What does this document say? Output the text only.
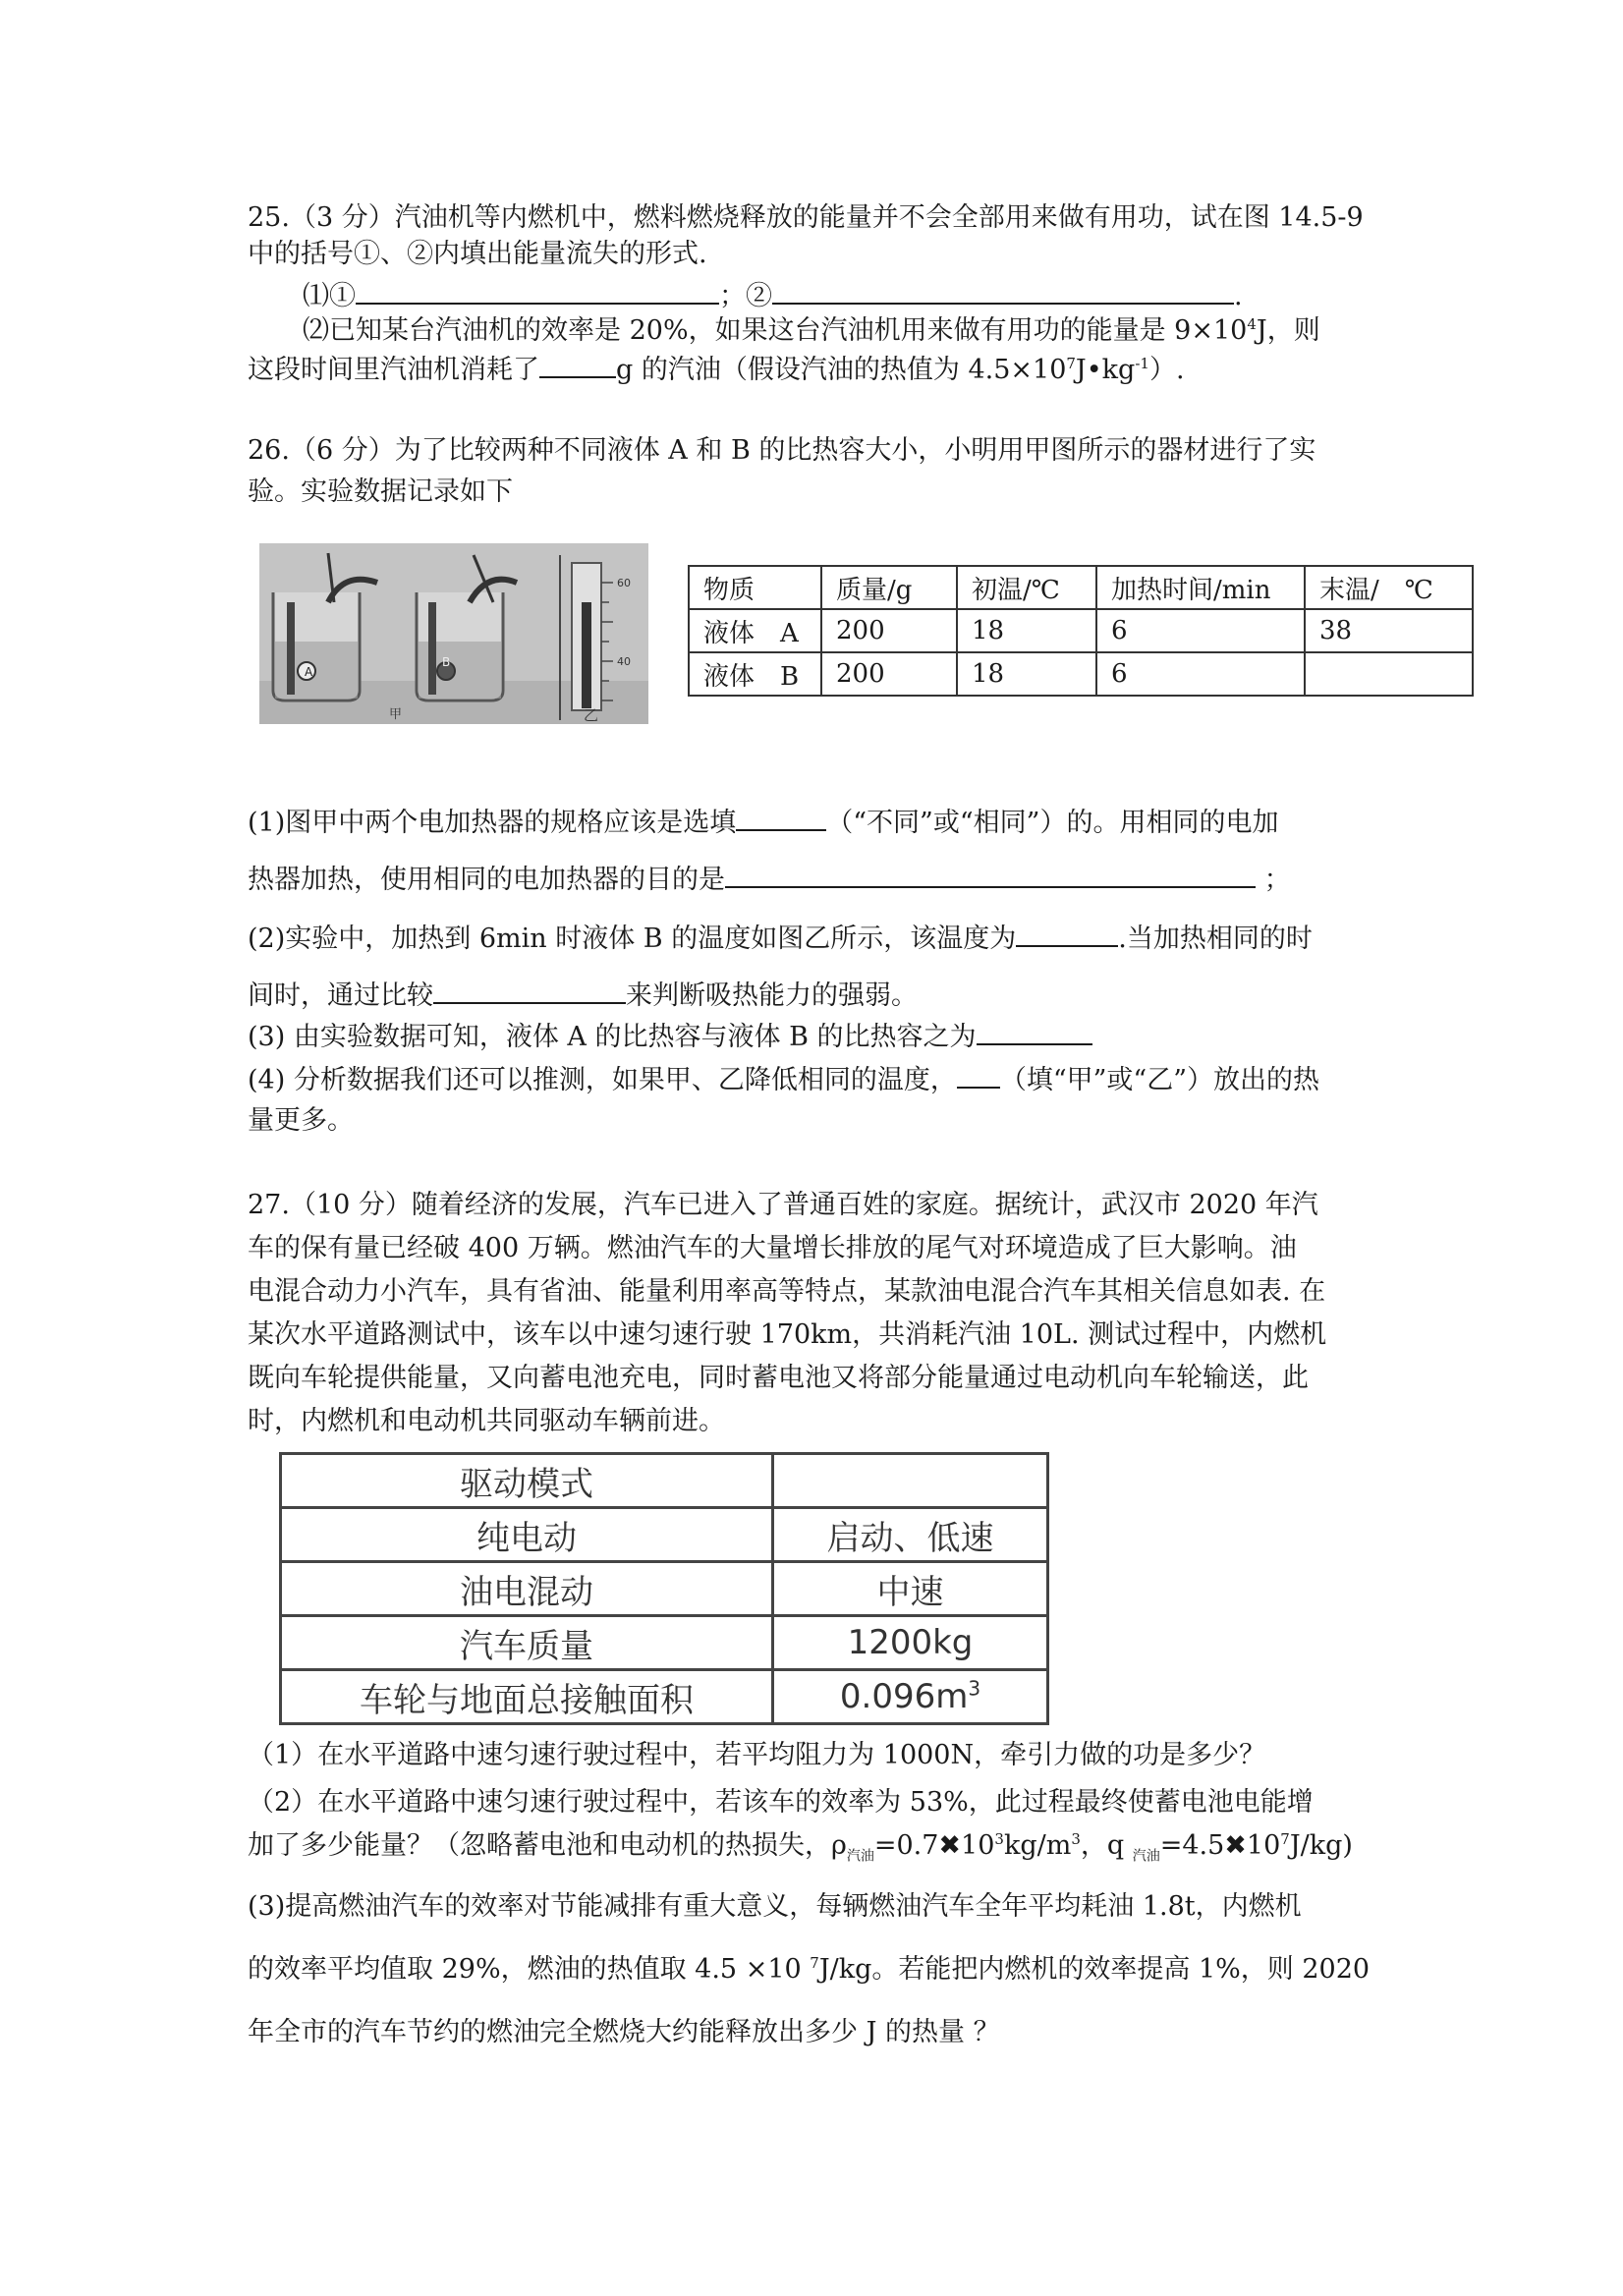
25.（3 分）汽油机等内燃机中，燃料燃烧释放的能量并不会全部用来做有用功，试在图 14.5-9
中的括号①、②内填出能量流失的形式.
⑴①	；②	.
⑵已知某台汽油机的效率是 20%，如果这台汽油机用来做有用功的能量是 $9\times 10^4J$，则
这段时间里汽油机消耗了	g 的汽油（假设汽油的热值为 $4.5\times 10^7J•kg^{-1}$）.
26.（6 分）为了比较两种不同液体 A 和 B 的比热容大小，小明用甲图所示的器材进行了实
验。实验数据记录如下
A
B
甲	乙
60
40
物质	质量/g	初温/℃	加热时间/min	末温/　℃
液体　A	200	18	6	38
液体　B	200	18	6	
(1)图甲中两个电加热器的规格应该是选填	（“不同”或“相同”）的。用相同的电加
热器加热，使用相同的电加热器的目的是	；
(2)实验中，加热到 6min 时液体 B 的温度如图乙所示，该温度为	.当加热相同的时
间时，通过比较	来判断吸热能力的强弱。
(3) 由实验数据可知，液体 A 的比热容与液体 B 的比热容之为
(4) 分析数据我们还可以推测，如果甲、乙降低相同的温度， （填“甲”或“乙”）放出的热
量更多。
27.（10 分）随着经济的发展，汽车已进入了普通百姓的家庭。据统计，武汉市 2020 年汽
车的保有量已经破 400 万辆。燃油汽车的大量增长排放的尾气对环境造成了巨大影响。油
电混合动力小汽车，具有省油、能量利用率高等特点，某款油电混合汽车其相关信息如表. 在
某次水平道路测试中，该车以中速匀速行驶 170km，共消耗汽油 10L. 测试过程中，内燃机
既向车轮提供能量，又向蓄电池充电，同时蓄电池又将部分能量通过电动机向车轮输送，此
时，内燃机和电动机共同驱动车辆前进。
驱动模式	
纯电动	启动、低速
油电混动	中速
汽车质量	1200kg
车轮与地面总接触面积	$0.096m^3$
（1）在水平道路中速匀速行驶过程中，若平均阻力为 1000N，牵引力做的功是多少？
（2）在水平道路中速匀速行驶过程中，若该车的效率为 53%，此过程最终使蓄电池电能增
加了多少能量？（忽略蓄电池和电动机的热损失，$\rho_{汽油}=0.7✖10^3kg/m^3$，q $_{汽油}=4.5✖10^7J/kg$)
(3)提高燃油汽车的效率对节能减排有重大意义，每辆燃油汽车全年平均耗油 1.8t，内燃机
的效率平均值取 29%，燃油的热值取 4.5 ×10 $^7$J/kg。若能把内燃机的效率提高 1%，则 2020
年全市的汽车节约的燃油完全燃烧大约能释放出多少 J 的热量 ？
